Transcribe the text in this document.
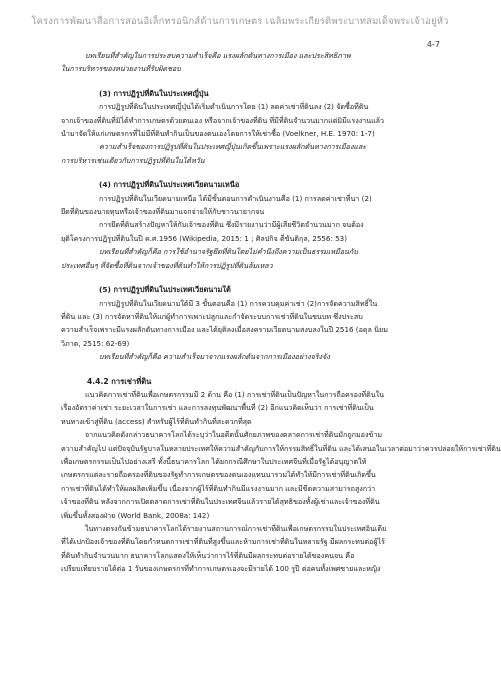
โครงการพัฒนาสื่อการสอนอิเล็กทรอนิกส์ด้านการเกษตร เฉลิมพระเกียรติพระบาทสมเด็จพระเจ้าอยู่หัว
4-7
บทเรียนที่สำคัญในการประสบความสำเร็จคือ แรงผลักดันทางการเมือง และประสิทธิภาพ
ในการบริหารของหน่วยงานที่รับผิดชอบ
(3) การปฏิรูปที่ดินในประเทศญี่ปุ่น
การปฏิรูปที่ดินในประเทศญี่ปุ่นได้เริ่มดำเนินการโดย (1) ลดค่าเช่าที่ดินลง (2) จัดซื้อที่ดิน
จากเจ้าของที่ดินที่มิได้ทำการเกษตรด้วยตนเอง หรือจากเจ้าของที่ดิน ที่มีที่ดินจำนวนมากแต่มิมีแรงงานแล้ว
นำมาจัดให้แก่เกษตรกรที่ไม่มีที่ดินทำกินเป็นของตนเองโดยการให้เช่าซื้อ (Voelkner, H.E. 1970: 1-7)
ความสำเร็จของการปฏิรูปที่ดินในประเทศญี่ปุ่นเกิดขึ้นเพราะแรงผลักดันทางการเมืองและ
การบริหารเช่นเดียวกับการปฏิรูปที่ดินในไต้หวัน
(4) การปฏิรูปที่ดินในประเทศเวียดนามเหนือ
การปฏิรูปที่ดินในเวียดนามเหนือ ได้มีขั้นตอนการดำเนินงานคือ (1) การลดค่าเช่าที่นา (2)
ยึดที่ดินของนายทุนหรือเจ้าของที่ดินมาแจกจ่ายให้กับชาวนายากจน
การยึดที่ดินสร้างปัญหาให้กับเจ้าของที่ดิน ซึ่งมีรายงานว่ามีผู้เสียชีวิตจำนวนมาก จนต้อง
ยุติโครงการปฏิรูปที่ดินในปี ค.ศ.1956 (Wikipedia, 2015: 1 ; ศิลปกิจ ตี่ขันติกุล, 2556: 53)
บทเรียนที่สำคัญก็คือ การใช้อำนาจรัฐยึดที่ดินโดยไม่คำนึงถึงความเป็นธรรมเหมือนกับ
ประเทศอื่นๆ ที่จัดซื้อที่ดินจากเจ้าของที่ดินทำให้การปฏิรูปที่ดินล้มเหลว
(5) การปฏิรูปที่ดินในประเทศเวียดนามใต้
การปฏิรูปที่ดินในเวียดนามใต้มี 3 ขั้นตอนคือ (1) การควบคุมค่าเช่า (2)การจัดความสิทธิ์ใน
ที่ดิน และ (3) การจัดหาที่ดินให้แก่ผู้ทำการเพาะปลูกและกำจัดระบบการเช่าที่ดินในชนบท ซึ่งประสบ
ความสำเร็จเพราะมีแรงผลักดันทางการเมือง และได้ยุติลงเมื่อสงครามเวียดนามสงบลงในปี 2516 (อดุล นิยม
วิภาต, 2515: 62-69)
บทเรียนที่สำคัญก็คือ ความสำเร็จมาจากแรงผลักดันจากการเมืองอย่างจริงจัง
4.4.2 การเช่าที่ดิน
แนวคิดการเช่าที่ดินเพื่อเกษตรกรรมมี 2 ด้าน คือ (1) การเช่าที่ดินเป็นปัญหาในการถือครองที่ดินใน
เรื่องอัตราค่าเช่า ระยะเวลาในการเช่า และการลงทุนพัฒนาพื้นที่ (2) อีกแนวคิดเห็นว่า การเช่าที่ดินเป็น
หนทางเข้าสู่ที่ดิน (access) สำหรับผู้ไร้ที่ดินทำกินที่สะดวกที่สุด
จากแนวคิดดังกล่าวธนาคารโลกได้ระบุว่าในอดีตนั้นศักยภาพของตลาดการเช่าที่ดินมักถูกมองข้าม
ความสำคัญไป แต่ปัจจุบันรัฐบาลในหลายประเทศให้ความสำคัญกับการให้กรรมสิทธิ์ในที่ดิน และได้เสนอในเวลาต่อมาว่าควรปล่อยให้การเช่าที่ดิน
เพื่อเกษตรกรรมเป็นไปอย่างเสรี ทั้งนี้ธนาคารโลก ได้ยกกรณีศึกษาในประเทศจีนที่เมื่อรัฐได้อนุญาตให้
เกษตรกรแต่ละรายถือครองที่ดินของรัฐทำการเกษตรของตนเองแทนนารวมได้ทำให้มีการเช่าที่ดินเกิดขึ้น
การเช่าที่ดินได้ทำให้ผลผลิตเพิ่มขึ้น เนื่องจากผู้ไร้ที่ดินทำกินมีแรงงานมาก และมีขีดความสามารถสูงกว่า
เจ้าของที่ดิน หลังจากการเปิดตลาดการเช่าที่ดินในประเทศจีนแล้วรายได้สุทธิของทั้งผู้เช่าและเจ้าของที่ดิน
เพิ่มขึ้นทั้งสองฝ่าย (World Bank, 2008a: 142)
ในทางตรงกันข้ามธนาคารโลกได้รายงานสถานการณ์การเช่าที่ดินเพื่อเกษตรกรรมในประเทศอินเดีย
ที่ได้เปกป้องเจ้าของที่ดินโดยกำหนดการเช่าที่ดินที่สูงขึ้นและห้ามการเช่าที่ดินในหลายรัฐ มีผลกระทบต่อผู้ไร้
ที่ดินทำกินจำนวนมาก ธนาคารโลกแสดงให้เห็นว่าการไร้ที่ดินมีผลกระทบต่อรายได้ของคนจน คือ
เปรียบเทียบรายได้ต่อ 1 วันของเกษตรกรที่ทำการเกษตรเองจะมีรายได้ 100 รูปี ต่อคนทั้งเพศชายและหญิง
